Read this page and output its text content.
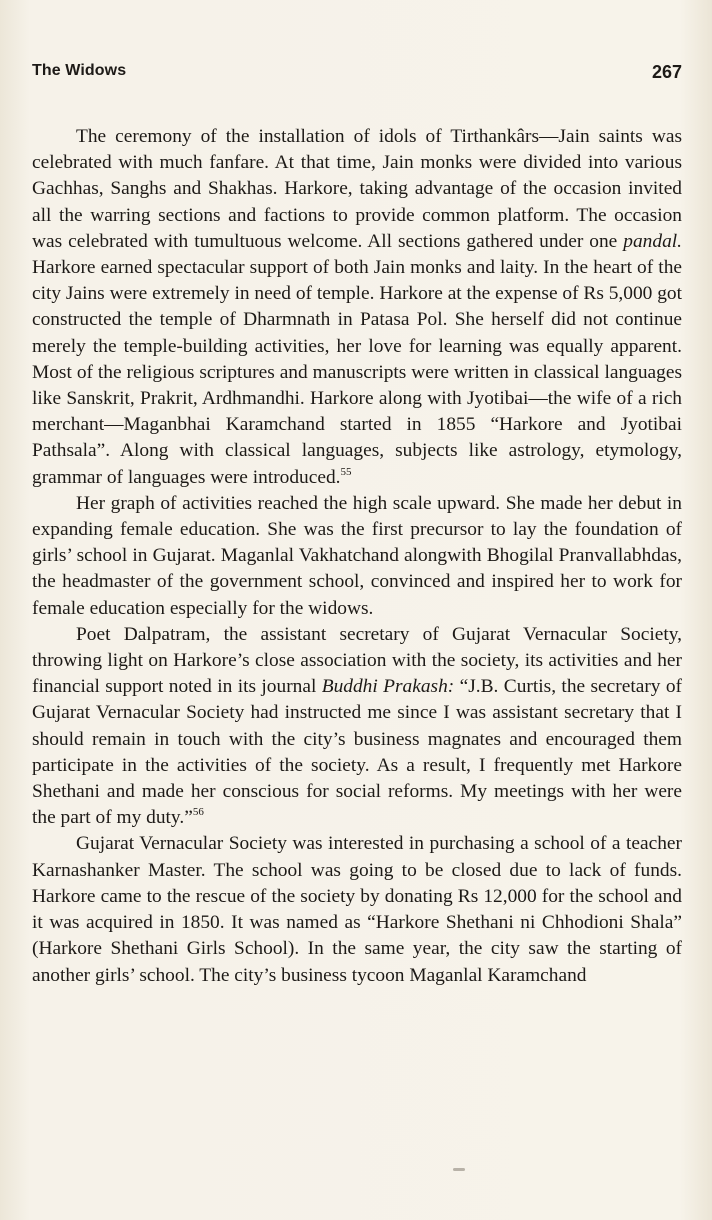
The Widows	267

The ceremony of the installation of idols of Tirthankârs—Jain saints was celebrated with much fanfare. At that time, Jain monks were divided into various Gachhas, Sanghs and Shakhas. Harkore, taking advantage of the occasion invited all the warring sections and factions to provide common platform. The occasion was celebrated with tumultuous welcome. All sections gathered under one pandal. Harkore earned spectacular support of both Jain monks and laity. In the heart of the city Jains were extremely in need of temple. Harkore at the expense of Rs 5,000 got constructed the temple of Dharmnath in Patasa Pol. She herself did not continue merely the temple-building activities, her love for learning was equally apparent. Most of the religious scriptures and manuscripts were written in classical languages like Sanskrit, Prakrit, Ardhmandhi. Harkore along with Jyotibai—the wife of a rich merchant—Maganbhai Karamchand started in 1855 “Harkore and Jyotibai Pathsala”. Along with classical languages, subjects like astrology, etymology, grammar of languages were introduced.$^{55}$

Her graph of activities reached the high scale upward. She made her debut in expanding female education. She was the first precursor to lay the foundation of girls’ school in Gujarat. Maganlal Vakhatchand alongwith Bhogilal Pranvallabhdas, the headmaster of the government school, convinced and inspired her to work for female education especially for the widows.

Poet Dalpatram, the assistant secretary of Gujarat Vernacular Society, throwing light on Harkore’s close association with the society, its activities and her financial support noted in its journal Buddhi Prakash: “J.B. Curtis, the secretary of Gujarat Vernacular Society had instructed me since I was assistant secretary that I should remain in touch with the city’s business magnates and encouraged them participate in the activities of the society. As a result, I frequently met Harkore Shethani and made her conscious for social reforms. My meetings with her were the part of my duty.”$^{56}$

Gujarat Vernacular Society was interested in purchasing a school of a teacher Karnashanker Master. The school was going to be closed due to lack of funds. Harkore came to the rescue of the society by donating Rs 12,000 for the school and it was acquired in 1850. It was named as “Harkore Shethani ni Chhodioni Shala” (Harkore Shethani Girls School). In the same year, the city saw the starting of another girls’ school. The city’s business tycoon Maganlal Karamchand
